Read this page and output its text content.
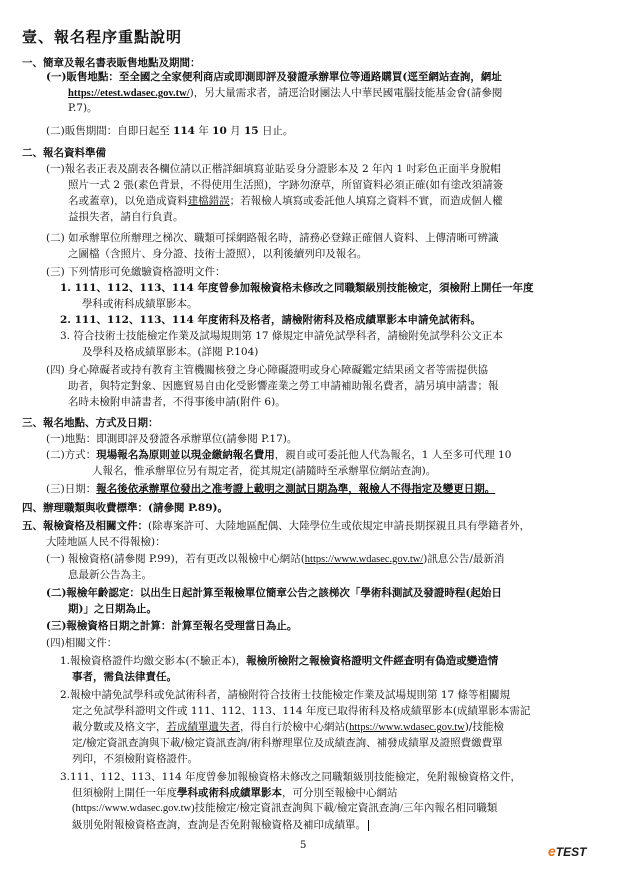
壹、報名程序重點說明
一、簡章及報名書表販售地點及期間：
(一)販售地點：至全國之全家便利商店或即測即評及發證承辦單位等通路購買(逕至網站查詢，網址
https://etest.wdasec.gov.tw/)，另大量需求者，請逕洽財團法人中華民國電腦技能基金會(請參閱
P.7)。
(二)販售期間：自即日起至 114 年 10 月 15 日止。
二、報名資料準備
(一)報名表正表及副表各欄位請以正楷詳細填寫並貼妥身分證影本及 2 年內 1 吋彩色正面半身脫帽
照片一式 2 張(素色背景，不得使用生活照)，字跡勿潦草，所留資料必須正確(如有塗改須請簽
名或蓋章)，以免造成資料建檔錯誤；若報檢人填寫或委託他人填寫之資料不實，而造成個人權
益損失者，請自行負責。
(二) 如承辦單位所辦理之梯次、職類可採網路報名時，請務必登錄正確個人資料、上傳清晰可辨識
之圖檔（含照片、身分證、技術士證照），以利後續列印及報名。
(三) 下列情形可免繳驗資格證明文件：
1. 111、112、113、114 年度曾參加報檢資格未修改之同職類級別技能檢定，須檢附上開任一年度
學科或術科成績單影本。
2. 111、112、113、114 年度術科及格者，請檢附術科及格成績單影本申請免試術科。
3. 符合技術士技能檢定作業及試場規則第 17 條規定申請免試學科者，請檢附免試學科公文正本
及學科及格成績單影本。(詳閱 P.104)
(四) 身心障礙者或持有教育主管機關核發之身心障礙證明或身心障礙鑑定結果函文者等需提供協
助者，與特定對象、因應貿易自由化受影響產業之勞工申請補助報名費者，請另填申請書；報
名時未檢附申請書者，不得事後申請(附件 6)。
三、報名地點、方式及日期：
(一)地點：即測即評及發證各承辦單位(請參閱 P.17)。
(二)方式：現場報名為原則並以現金繳納報名費用，親自或可委託他人代為報名，1 人至多可代理 10
人報名，惟承辦單位另有規定者，從其規定(請隨時至承辦單位網站查詢)。
(三)日期：報名後依承辦單位發出之准考證上載明之測試日期為準，報檢人不得指定及變更日期。
四、辦理職類與收費標準：(請參閱 P.89)。
五、報檢資格及相關文件：(除專案許可、大陸地區配偶、大陸學位生或依規定申請長期探親且具有學籍者外，
大陸地區人民不得報檢)：
(一) 報檢資格(請參閱 P.99)，若有更改以報檢中心網站(https://www.wdasec.gov.tw/)訊息公告/最新消
息最新公告為主。
(二)報檢年齡認定：以出生日起計算至報檢單位簡章公告之該梯次「學術科測試及發證時程(起始日
期)」之日期為止。
(三)報檢資格日期之計算：計算至報名受理當日為止。
(四)相關文件：
1.報檢資格證件均繳交影本(不驗正本)，報檢所檢附之報檢資格證明文件經查明有偽造或變造情
事者，需負法律責任。
2.報檢中請免試學科或免試術科者，請檢附符合技術士技能檢定作業及試場規則第 17 條等相關規
定之免試學科證明文件或 111、112、113、114 年度已取得術科及格成績單影本(成績單影本需記
載分數或及格文字，若成績單遺失者，得自行於檢中心網站(https://www.wdasec.gov.tw)/技能檢
定/檢定資訊查詢與下載/檢定資訊查詢/術科辦理單位及成績查詢、補發成績單及證照費繳費單
列印，不須檢附資格證件。
3.111、112、113、114 年度曾參加報檢資格未修改之同職類級別技能檢定，免附報檢資格文件，
但須檢附上開任一年度學科或術科成績單影本，可分別至報檢中心網站
(https://www.wdasec.gov.tw)技能檢定/檢定資訊查詢與下載/檢定資訊查詢/三年內報名相同職類
級別免附報檢資格查詢，查詢是否免附報檢資格及補印成績單。
5	eTEST
